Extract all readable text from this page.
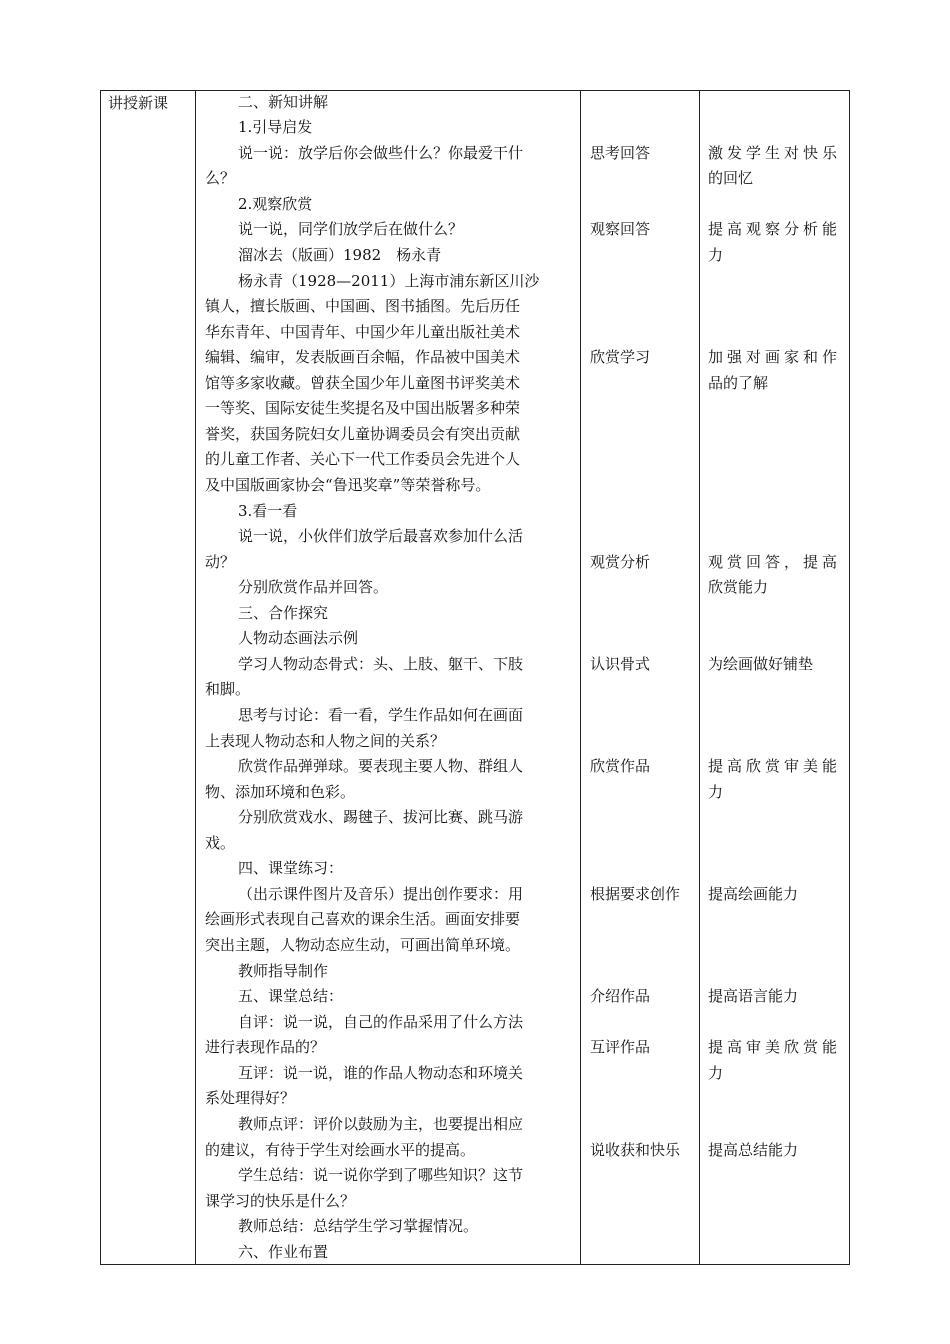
讲授新课	二、新知讲解
1.引导启发
说一说：放学后你会做些什么？你最爱干什
么？
2.观察欣赏
说一说，同学们放学后在做什么？
溜冰去（版画）1982　杨永青
杨永青（1928—2011）上海市浦东新区川沙
镇人，擅长版画、中国画、图书插图。先后历任
华东青年、中国青年、中国少年儿童出版社美术
编辑、编审，发表版画百余幅，作品被中国美术
馆等多家收藏。曾获全国少年儿童图书评奖美术
一等奖、国际安徒生奖提名及中国出版署多种荣
誉奖，获国务院妇女儿童协调委员会有突出贡献
的儿童工作者、关心下一代工作委员会先进个人
及中国版画家协会“鲁迅奖章”等荣誉称号。
3.看一看
说一说，小伙伴们放学后最喜欢参加什么活
动？
分别欣赏作品并回答。
三、合作探究
人物动态画法示例
学习人物动态骨式：头、上肢、躯干、下肢
和脚。
思考与讨论：看一看，学生作品如何在画面
上表现人物动态和人物之间的关系？
欣赏作品弹弹球。要表现主要人物、群组人
物、添加环境和色彩。
分别欣赏戏水、踢毽子、拔河比赛、跳马游
戏。
四、课堂练习：
（出示课件图片及音乐）提出创作要求：用
绘画形式表现自己喜欢的课余生活。画面安排要
突出主题，人物动态应生动，可画出简单环境。
教师指导制作
五、课堂总结：
自评：说一说，自己的作品采用了什么方法
进行表现作品的？
互评：说一说，谁的作品人物动态和环境关
系处理得好？
教师点评：评价以鼓励为主，也要提出相应
的建议，有待于学生对绘画水平的提高。
学生总结：说一说你学到了哪些知识？这节
课学习的快乐是什么？
教师总结：总结学生学习掌握情况。
六、作业布置
思考回答
观察回答
欣赏学习
观赏分析
认识骨式
欣赏作品
根据要求创作
介绍作品
互评作品
说收获和快乐
激发学生对快乐
的回忆
提高观察分析能
力
加强对画家和作
品的了解
观赏回答，提高
欣赏能力
为绘画做好铺垫
提高欣赏审美能
力
提高绘画能力
提高语言能力
提高审美欣赏能
力
提高总结能力
